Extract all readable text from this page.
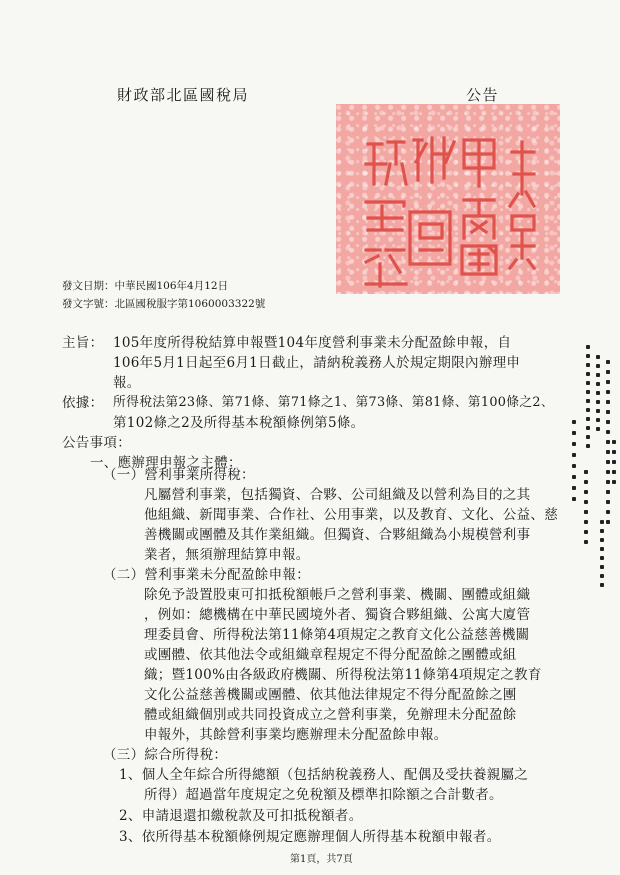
財政部北區國稅局	公告
發文日期：中華民國106年4月12日
發文字號：北區國稅服字第1060003322號
主旨： 105年度所得稅結算申報暨104年度營利事業未分配盈餘申報，自
106年5月1日起至6月1日截止，請納稅義務人於規定期限內辦理申
報。
依據： 所得稅法第23條、第71條、第71條之1、第73條、第81條、第100條之2、
第102條之2及所得基本稅額條例第5條。
公告事項：
一、應辦理申報之主體：
（一）營利事業所得稅：
凡屬營利事業，包括獨資、合夥、公司組織及以營利為目的之其
他組織、新聞事業、合作社、公用事業，以及教育、文化、公益、慈
善機關或團體及其作業組織。但獨資、合夥組織為小規模營利事
業者，無須辦理結算申報。
（二）營利事業未分配盈餘申報：
除免予設置股東可扣抵稅額帳戶之營利事業、機關、團體或組織
，例如：總機構在中華民國境外者、獨資合夥組織、公寓大廈管
理委員會、所得稅法第11條第4項規定之教育文化公益慈善機關
或團體、依其他法令或組織章程規定不得分配盈餘之團體或組
織；暨100%由各級政府機關、所得稅法第11條第4項規定之教育
文化公益慈善機關或團體、依其他法律規定不得分配盈餘之團
體或組織個別或共同投資成立之營利事業，免辦理未分配盈餘
申報外，其餘營利事業均應辦理未分配盈餘申報。
（三）綜合所得稅：
1、個人全年綜合所得總額（包括納稅義務人、配偶及受扶養親屬之
所得）超過當年度規定之免稅額及標準扣除額之合計數者。
2、申請退還扣繳稅款及可扣抵稅額者。
3、依所得基本稅額條例規定應辦理個人所得基本稅額申報者。
第1頁，共7頁
